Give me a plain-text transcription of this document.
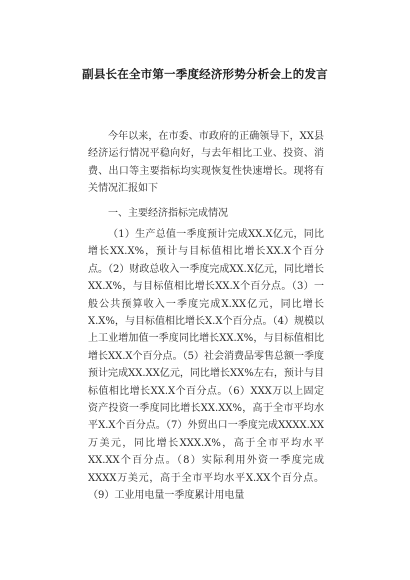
副县长在全市第一季度经济形势分析会上的发言
今年以来，在市委、市政府的正确领导下，XX县经济运行情况平稳向好，与去年相比工业、投资、消费、出口等主要指标均实现恢复性快速增长。现将有关情况汇报如下
一、主要经济指标完成情况
（1）生产总值一季度预计完成XX.X亿元，同比增长XX.X%，预计与目标值相比增长XX.X个百分点。（2）财政总收入一季度完成XX.X亿元，同比增长XX.X%，与目标值相比增长XX.X个百分点。（3）一般公共预算收入一季度完成X.XX亿元，同比增长X.X%，与目标值相比增长X.X个百分点。（4）规模以上工业增加值一季度同比增长XX.X%，与目标值相比增长XX.X个百分点。（5）社会消费品零售总额一季度预计完成XX.XX亿元，同比增长XX%左右，预计与目标值相比增长XX.X个百分点。（6）XXX万以上固定资产投资一季度同比增长XX.XX%，高于全市平均水平X.X个百分点。（7）外贸出口一季度完成XXXX.XX万美元，同比增长XXX.X%，高于全市平均水平XX.XX个百分点。（8）实际利用外资一季度完成XXXX万美元，高于全市平均水平X.XX个百分点。（9）工业用电量一季度累计用电量
